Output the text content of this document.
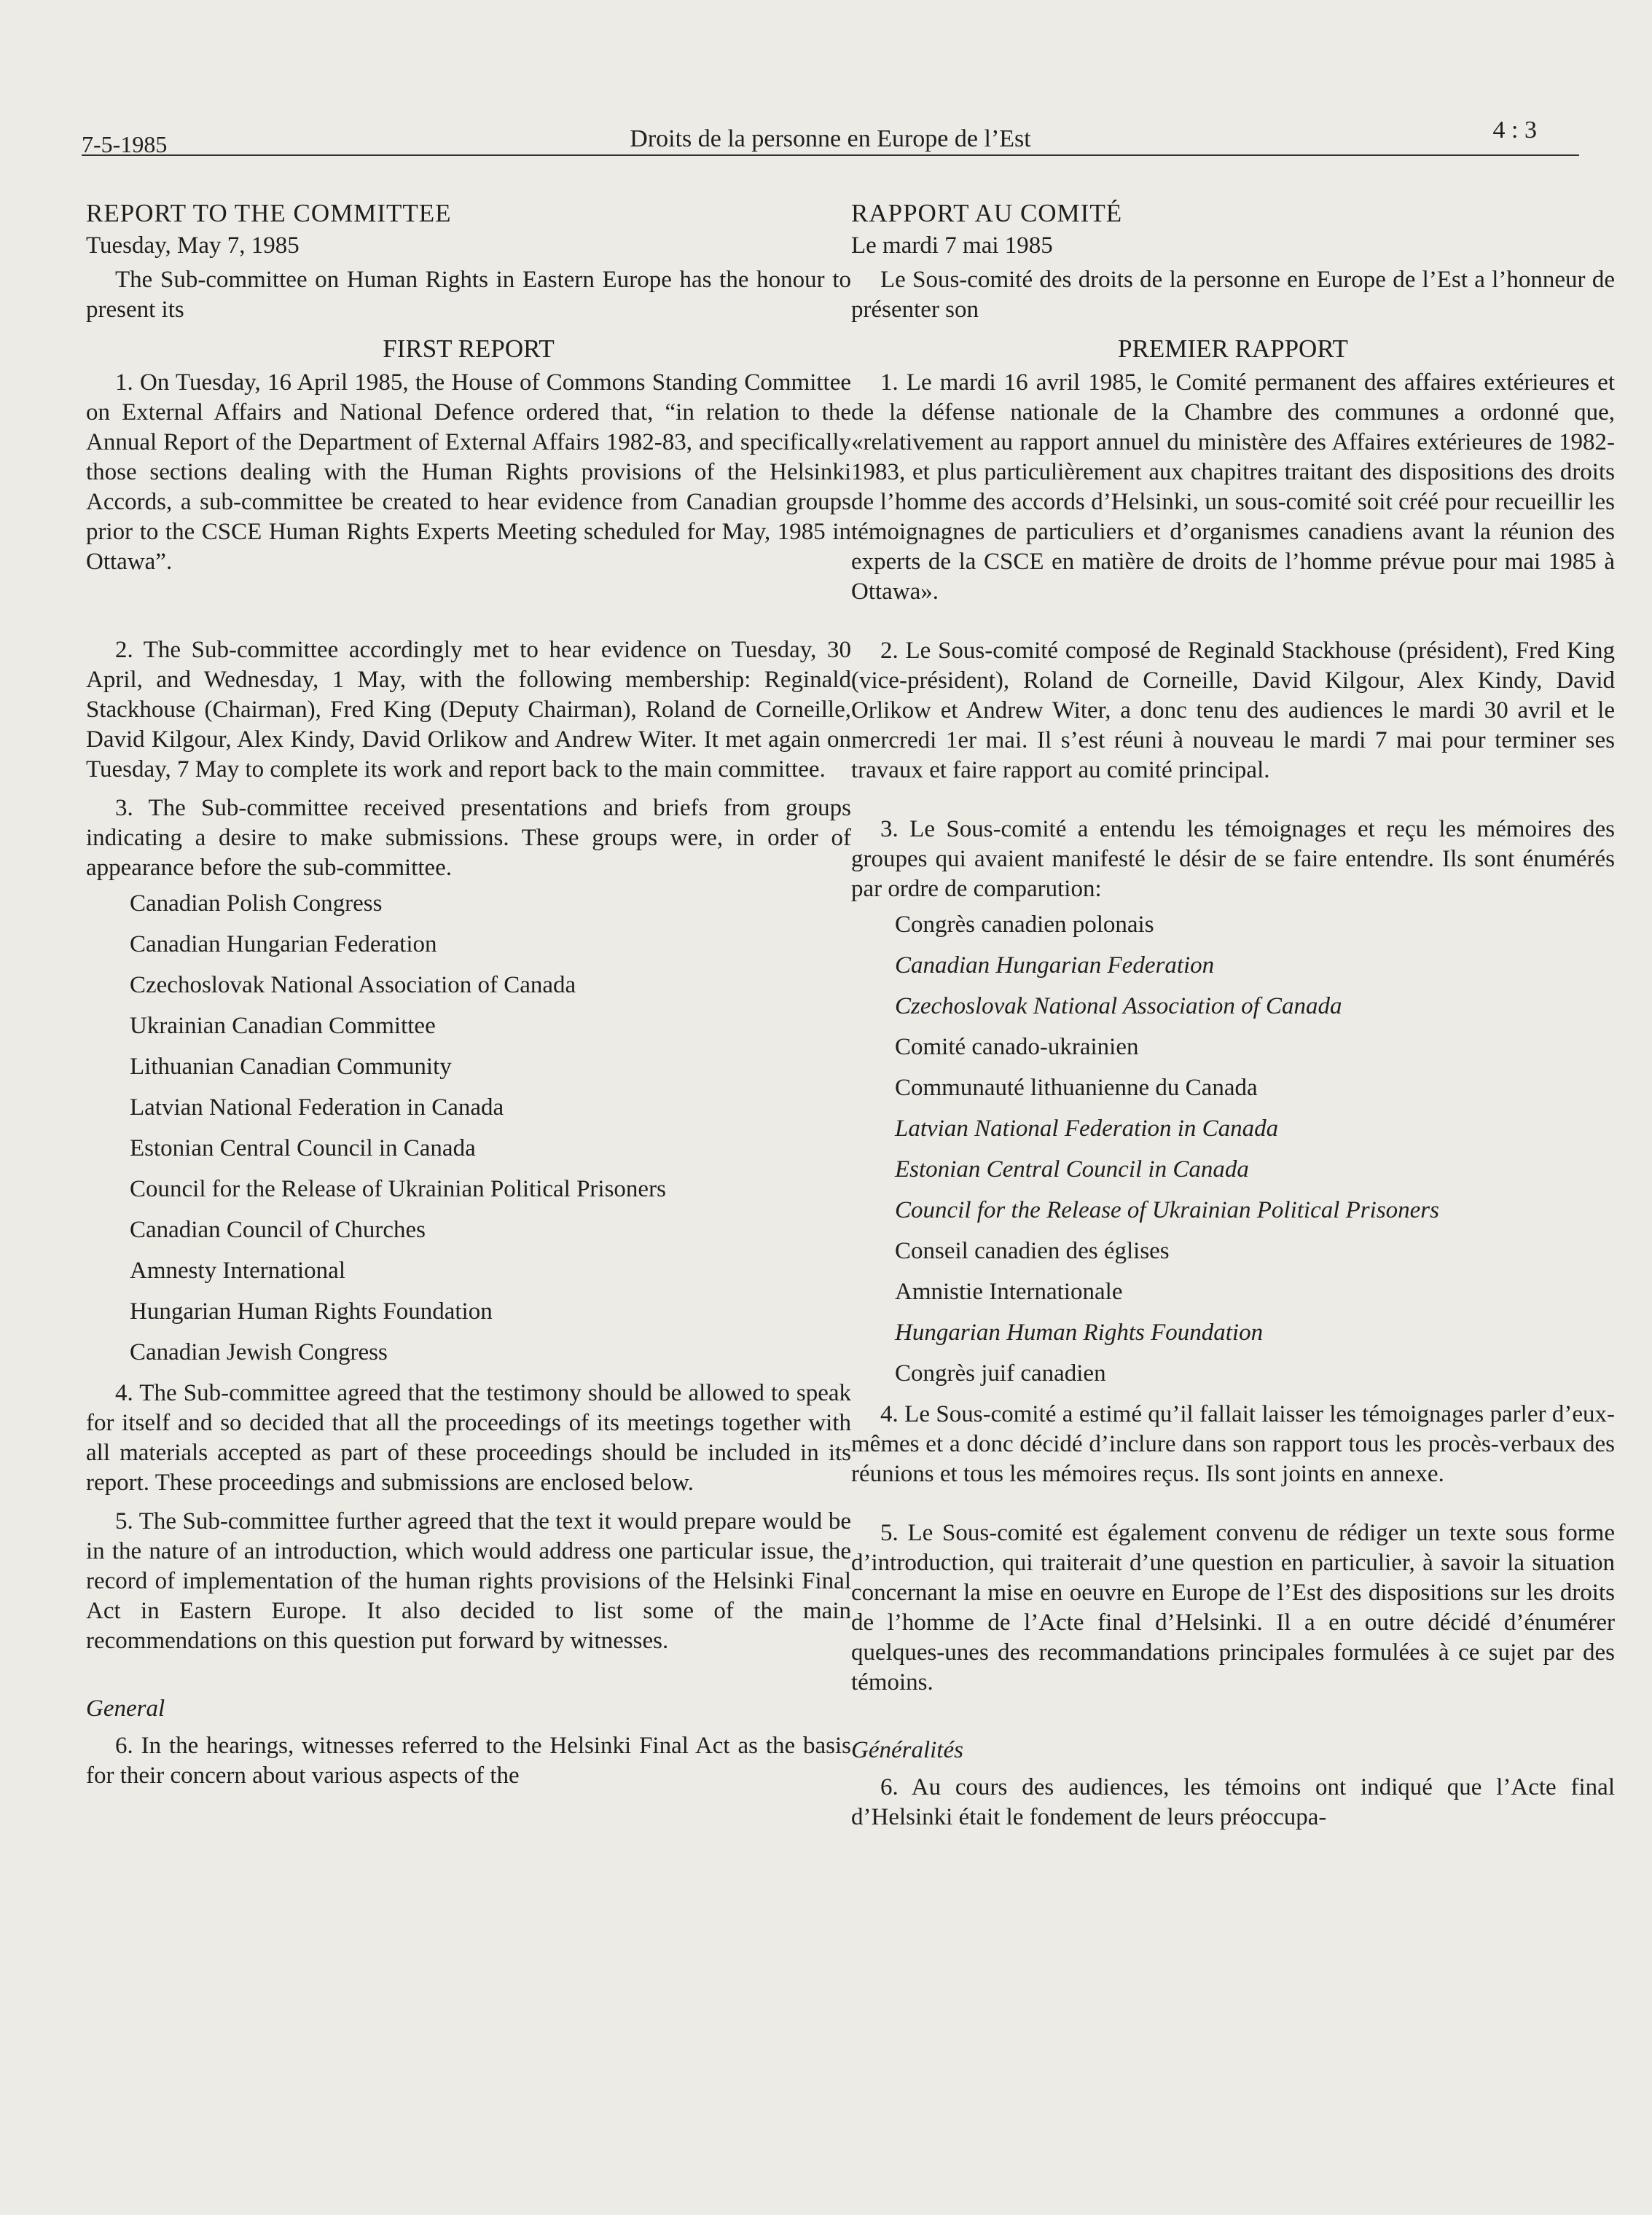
7-5-1985	Droits de la personne en Europe de l’Est	4 : 3
REPORT TO THE COMMITTEE
Tuesday, May 7, 1985

The Sub-committee on Human Rights in Eastern Europe has the honour to present its

FIRST REPORT

1. On Tuesday, 16 April 1985, the House of Commons Standing Committee on External Affairs and National Defence ordered that, “in relation to the Annual Report of the Department of External Affairs 1982-83, and specifically those sections dealing with the Human Rights provisions of the Helsinki Accords, a sub-committee be created to hear evidence from Canadian groups prior to the CSCE Human Rights Experts Meeting scheduled for May, 1985 in Ottawa”.

2. The Sub-committee accordingly met to hear evidence on Tuesday, 30 April, and Wednesday, 1 May, with the following membership: Reginald Stackhouse (Chairman), Fred King (Deputy Chairman), Roland de Corneille, David Kilgour, Alex Kindy, David Orlikow and Andrew Witer. It met again on Tuesday, 7 May to complete its work and report back to the main committee.

3. The Sub-committee received presentations and briefs from groups indicating a desire to make submissions. These groups were, in order of appearance before the sub-committee.

Canadian Polish Congress
Canadian Hungarian Federation
Czechoslovak National Association of Canada
Ukrainian Canadian Committee
Lithuanian Canadian Community
Latvian National Federation in Canada
Estonian Central Council in Canada
Council for the Release of Ukrainian Political Prisoners
Canadian Council of Churches
Amnesty International
Hungarian Human Rights Foundation
Canadian Jewish Congress

4. The Sub-committee agreed that the testimony should be allowed to speak for itself and so decided that all the proceedings of its meetings together with all materials accepted as part of these proceedings should be included in its report. These proceedings and submissions are enclosed below.

5. The Sub-committee further agreed that the text it would prepare would be in the nature of an introduction, which would address one particular issue, the record of implementation of the human rights provisions of the Helsinki Final Act in Eastern Europe. It also decided to list some of the main recommendations on this question put forward by witnesses.

General

6. In the hearings, witnesses referred to the Helsinki Final Act as the basis for their concern about various aspects of the

RAPPORT AU COMITÉ
Le mardi 7 mai 1985

Le Sous-comité des droits de la personne en Europe de l’Est a l’honneur de présenter son

PREMIER RAPPORT

1. Le mardi 16 avril 1985, le Comité permanent des affaires extérieures et de la défense nationale de la Chambre des communes a ordonné que, «relativement au rapport annuel du ministère des Affaires extérieures de 1982-1983, et plus particulièrement aux chapitres traitant des dispositions des droits de l’homme des accords d’Helsinki, un sous-comité soit créé pour recueillir les témoignagnes de particuliers et d’organismes canadiens avant la réunion des experts de la CSCE en matière de droits de l’homme prévue pour mai 1985 à Ottawa».

2. Le Sous-comité composé de Reginald Stackhouse (président), Fred King (vice-président), Roland de Corneille, David Kilgour, Alex Kindy, David Orlikow et Andrew Witer, a donc tenu des audiences le mardi 30 avril et le mercredi 1er mai. Il s’est réuni à nouveau le mardi 7 mai pour terminer ses travaux et faire rapport au comité principal.

3. Le Sous-comité a entendu les témoignages et reçu les mémoires des groupes qui avaient manifesté le désir de se faire entendre. Ils sont énumérés par ordre de comparution:

Congrès canadien polonais
Canadian Hungarian Federation
Czechoslovak National Association of Canada
Comité canado-ukrainien
Communauté lithuanienne du Canada
Latvian National Federation in Canada
Estonian Central Council in Canada
Council for the Release of Ukrainian Political Prisoners
Conseil canadien des églises
Amnistie Internationale
Hungarian Human Rights Foundation
Congrès juif canadien

4. Le Sous-comité a estimé qu’il fallait laisser les témoignages parler d’eux-mêmes et a donc décidé d’inclure dans son rapport tous les procès-verbaux des réunions et tous les mémoires reçus. Ils sont joints en annexe.

5. Le Sous-comité est également convenu de rédiger un texte sous forme d’introduction, qui traiterait d’une question en particulier, à savoir la situation concernant la mise en oeuvre en Europe de l’Est des dispositions sur les droits de l’homme de l’Acte final d’Helsinki. Il a en outre décidé d’énumérer quelques-unes des recommandations principales formulées à ce sujet par des témoins.

Généralités

6. Au cours des audiences, les témoins ont indiqué que l’Acte final d’Helsinki était le fondement de leurs préoccupa-
